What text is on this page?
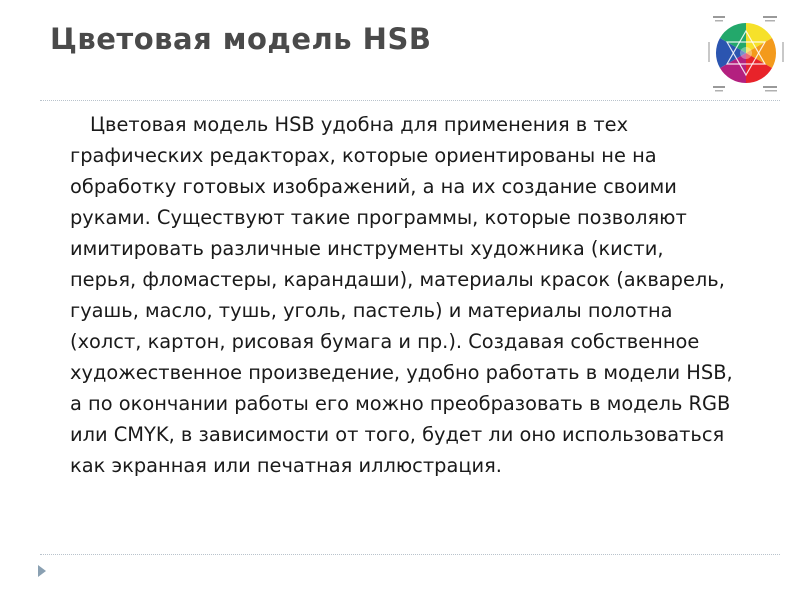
Цветовая модель HSB

Цветовая модель HSB удобна для применения в тех графических редакторах, которые ориентированы не на обработку готовых изображений, а на их создание своими руками. Существуют такие программы, которые позволяют имитировать различные инструменты художника (кисти, перья, фломастеры, карандаши), материалы красок (акварель, гуашь, масло, тушь, уголь, пастель) и материалы полотна (холст, картон, рисовая бумага и пр.). Создавая собственное художественное произведение, удобно работать в модели HSB, а по окончании работы его можно преобразовать в модель RGB или CMYK, в зависимости от того, будет ли оно использоваться как экранная или печатная иллюстрация.
